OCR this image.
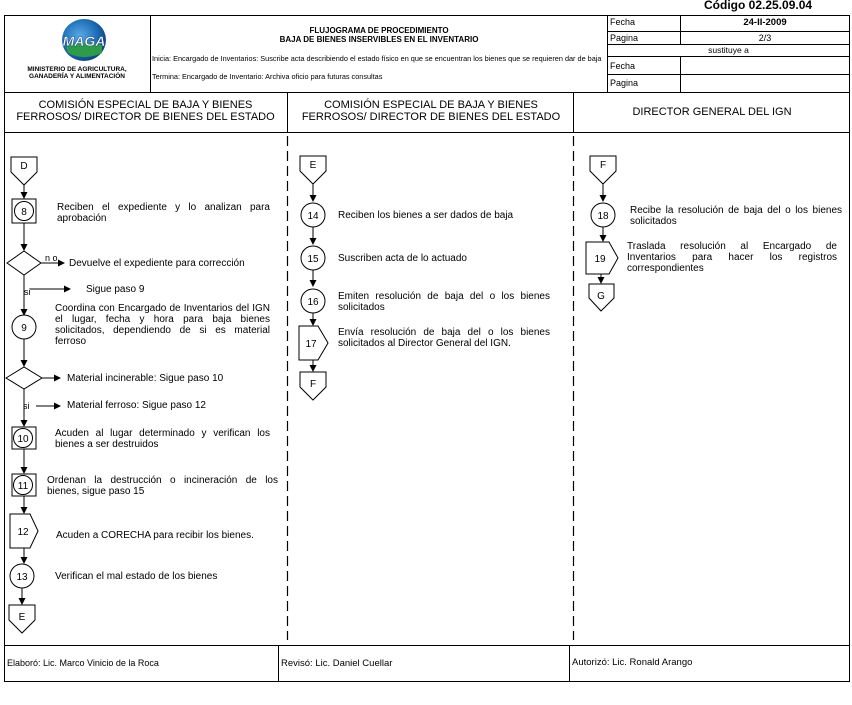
Código 02.25.09.04
MAGA
MINISTERIO DE AGRICULTURA,
GANADERÍA Y ALIMENTACIÓN
FLUJOGRAMA DE PROCEDIMIENTO
BAJA DE BIENES INSERVIBLES EN EL INVENTARIO
Inicia: Encargado de Inventarios: Suscribe acta describiendo el estado físico en que se encuentran los bienes que se requieren dar de baja
Termina: Encargado de Inventario: Archiva oficio para futuras consultas
Fecha	24-II-2009
Pagina	2/3
sustituye a
Fecha
Pagina
COMISIÓN ESPECIAL DE BAJA Y BIENES FERROSOS/ DIRECTOR DE BIENES DEL ESTADO
COMISIÓN ESPECIAL DE BAJA Y BIENES FERROSOS/ DIRECTOR DE BIENES DEL ESTADO	DIRECTOR GENERAL DEL IGN
D
8
9
10
11
12
13
E
E
14
15
16
17
F
F
18
19
G
n o
si
si
Reciben el expediente y lo analizan para aprobación
Devuelve el expediente para corrección
Sigue paso 9
Coordina con Encargado de Inventarios del IGN el lugar, fecha y hora para baja bienes solicitados, dependiendo de si es material ferroso
Material incinerable: Sigue paso 10
Material ferroso: Sigue paso 12
Acuden al lugar determinado y verifican los bienes a ser destruidos
Ordenan la destrucción o incineración de los bienes, sigue paso 15
Acuden a CORECHA para recibir los bienes.
Verifican el mal estado de los bienes
Reciben los bienes a ser dados de baja
Suscriben acta de lo actuado
Emiten resolución de baja del o los bienes solicitados
Envía resolución de baja del o los bienes solicitados al Director General del IGN.
Recibe la resolución de baja del o los bienes solicitados
Traslada resolución al Encargado de Inventarios para hacer los registros correspondientes
Elaboró: Lic. Marco Vinicio de la Roca	Revisó: Lic. Daniel Cuellar	Autorizó: Lic. Ronald Arango
